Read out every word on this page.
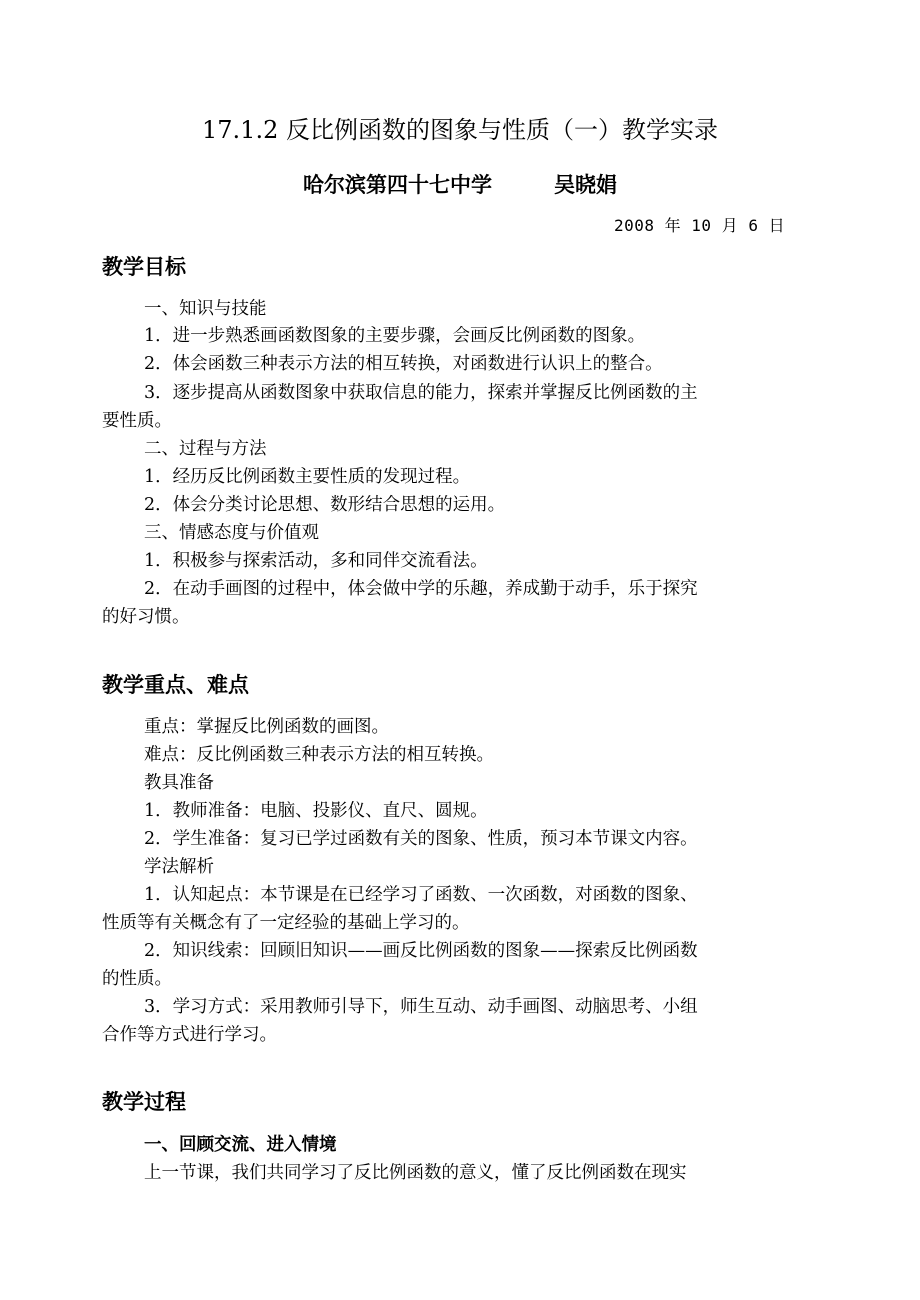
17.1.2 反比例函数的图象与性质（一）教学实录
哈尔滨第四十七中学	吴晓娟
2008 年 10 月 6 日
教学目标
一、知识与技能
1．进一步熟悉画函数图象的主要步骤，会画反比例函数的图象。
2．体会函数三种表示方法的相互转换，对函数进行认识上的整合。
3．逐步提高从函数图象中获取信息的能力，探索并掌握反比例函数的主
要性质。
二、过程与方法
1．经历反比例函数主要性质的发现过程。
2．体会分类讨论思想、数形结合思想的运用。
三、情感态度与价值观
1．积极参与探索活动，多和同伴交流看法。
2．在动手画图的过程中，体会做中学的乐趣，养成勤于动手，乐于探究
的好习惯。
教学重点、难点
重点：掌握反比例函数的画图。
难点：反比例函数三种表示方法的相互转换。
教具准备
1．教师准备：电脑、投影仪、直尺、圆规。
2．学生准备：复习已学过函数有关的图象、性质，预习本节课文内容。
学法解析
1．认知起点：本节课是在已经学习了函数、一次函数，对函数的图象、
性质等有关概念有了一定经验的基础上学习的。
2．知识线索：回顾旧知识——画反比例函数的图象——探索反比例函数
的性质。
3．学习方式：采用教师引导下，师生互动、动手画图、动脑思考、小组
合作等方式进行学习。
教学过程
一、回顾交流、进入情境
上一节课，我们共同学习了反比例函数的意义，懂了反比例函数在现实
